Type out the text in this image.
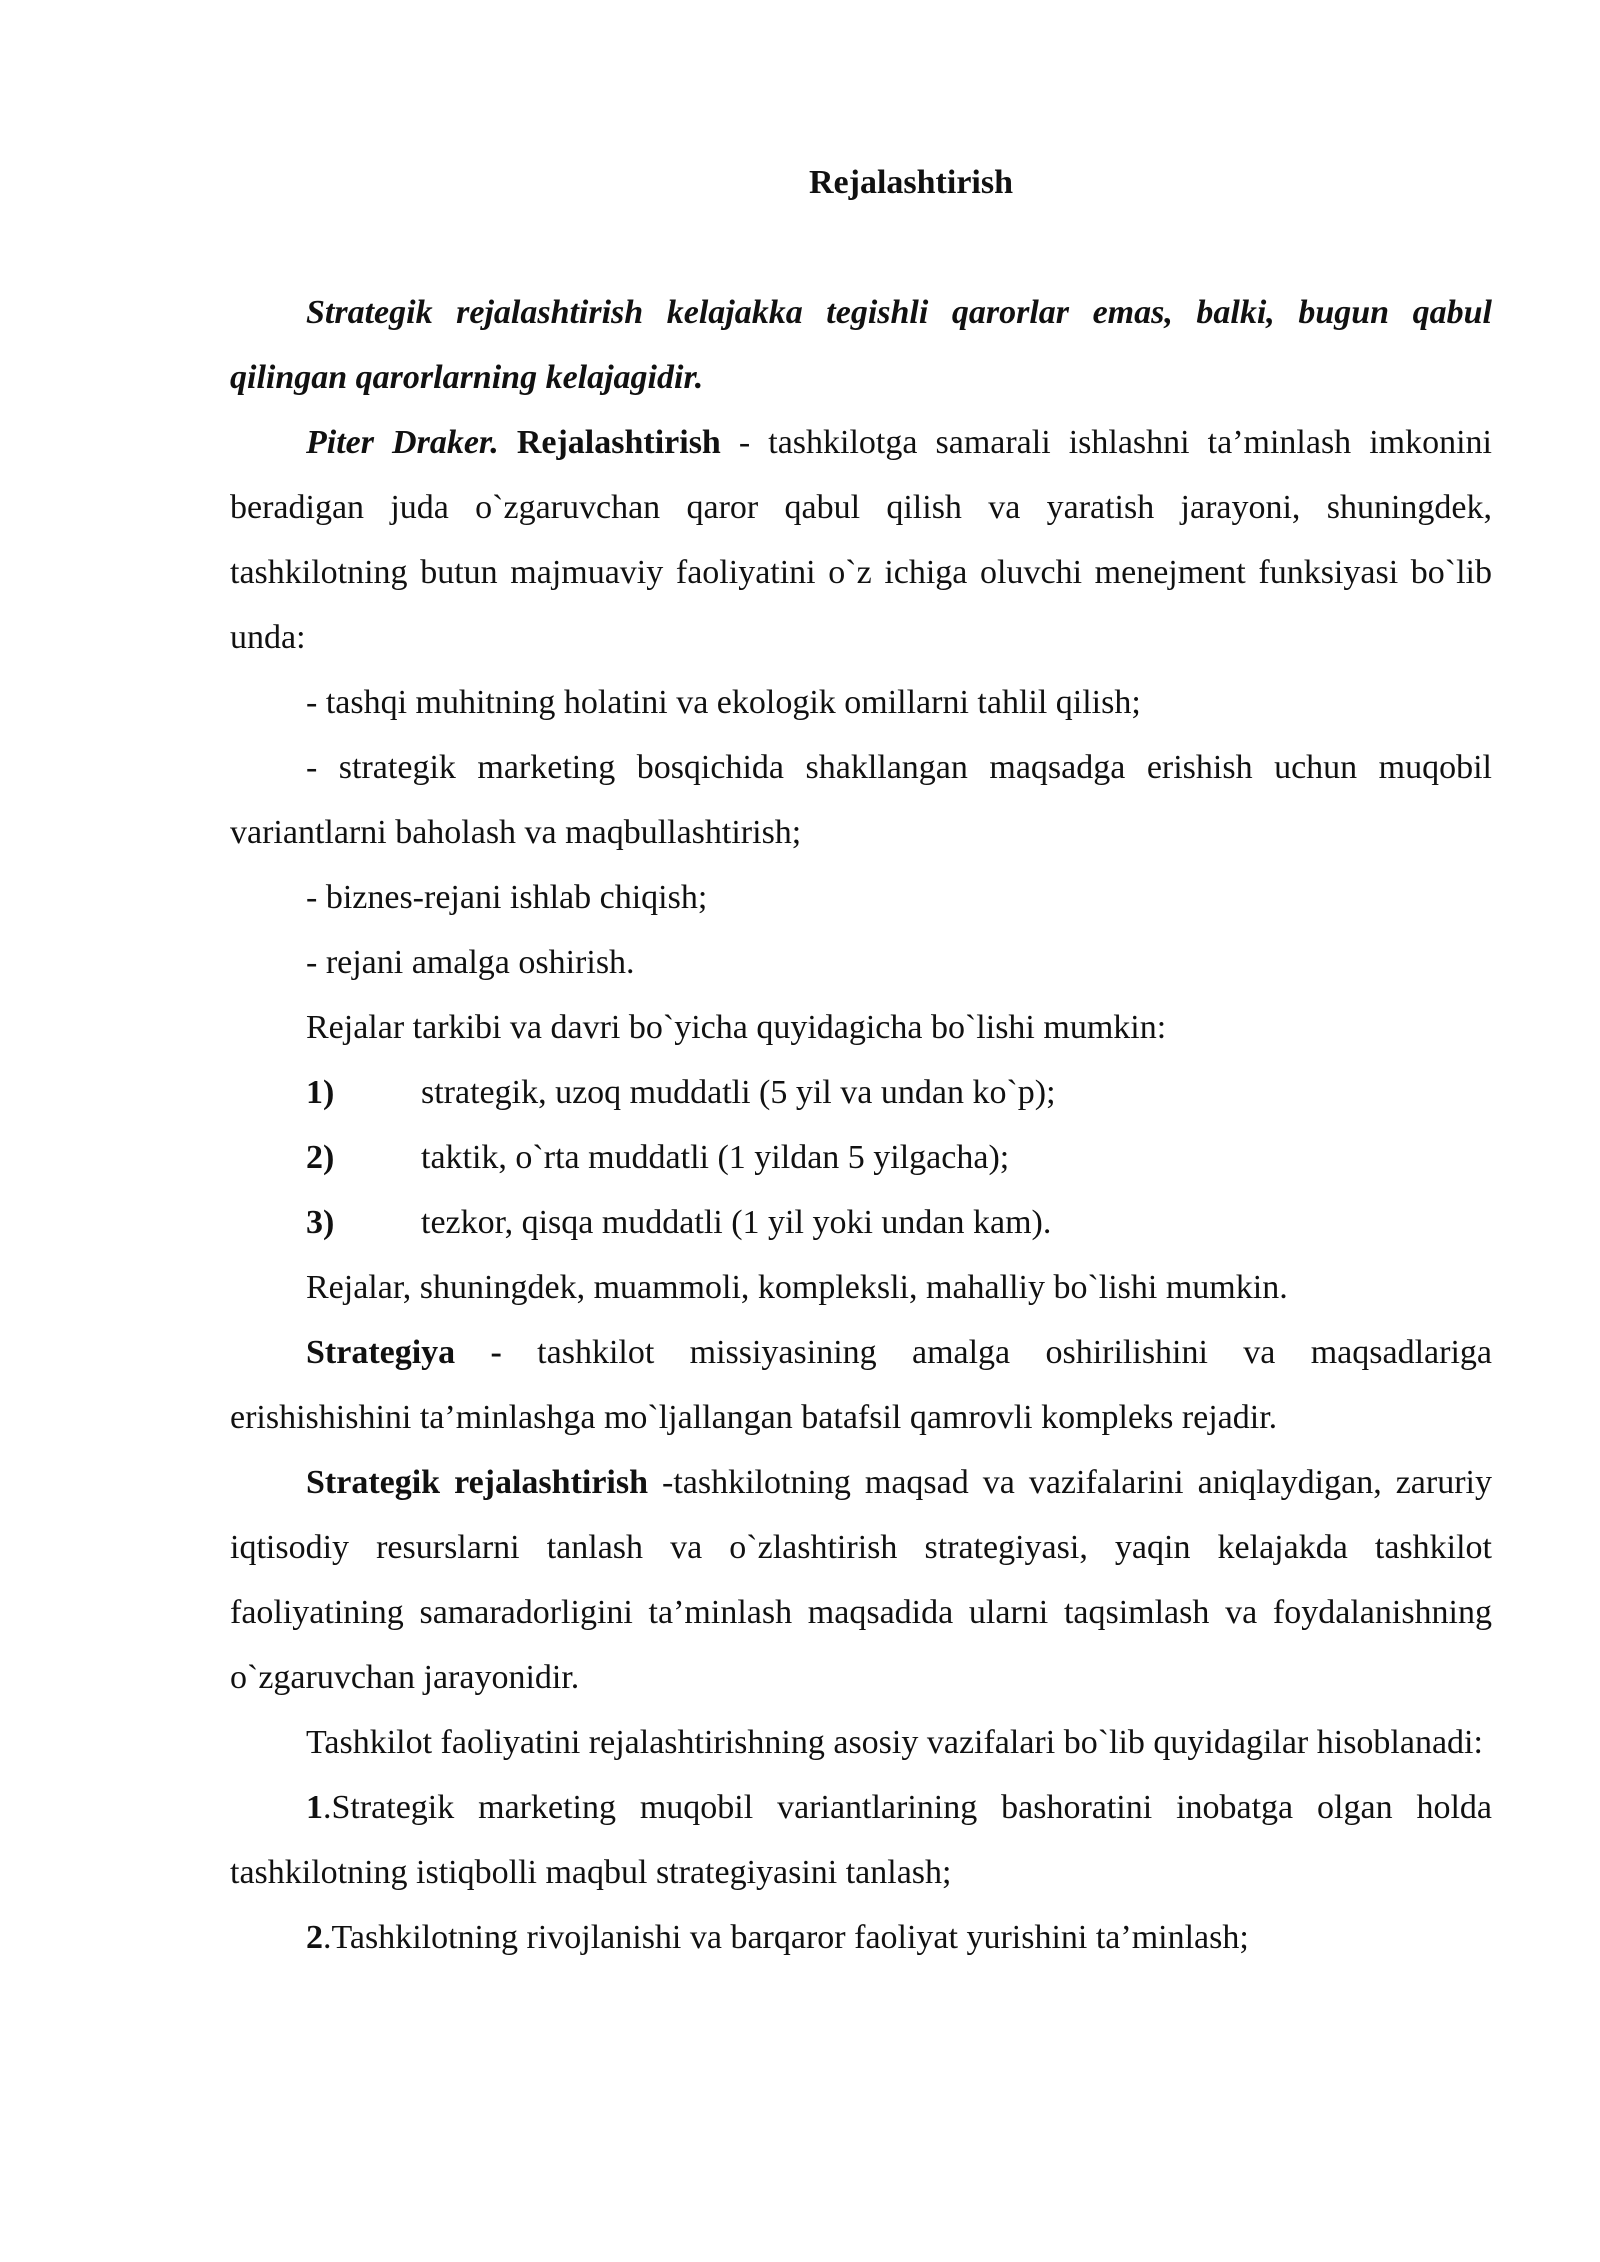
Rejalashtirish

Strategik rejalashtirish kelajakka tegishli qarorlar emas, balki, bugun qabul qilingan qarorlarning kelajagidir.

Piter Draker. Rejalashtirish - tashkilotga samarali ishlashni ta’minlash imkonini beradigan juda o`zgaruvchan qaror qabul qilish va yaratish jarayoni, shuningdek, tashkilotning butun majmuaviy faoliyatini o`z ichiga oluvchi menejment funksiyasi bo`lib unda:

- tashqi muhitning holatini va ekologik omillarni tahlil qilish;

- strategik marketing bosqichida shakllangan maqsadga erishish uchun muqobil variantlarni baholash va maqbullashtirish;

- biznes-rejani ishlab chiqish;

- rejani amalga oshirish.

Rejalar tarkibi va davri bo`yicha quyidagicha bo`lishi mumkin:

1)	strategik, uzoq muddatli (5 yil va undan ko`p);
2)	taktik, o`rta muddatli (1 yildan 5 yilgacha);
3)	tezkor, qisqa muddatli (1 yil yoki undan kam).

Rejalar, shuningdek, muammoli, kompleksli, mahalliy bo`lishi mumkin.

Strategiya - tashkilot missiyasining amalga oshirilishini va maqsadlariga erishishishini ta’minlashga mo`ljallangan batafsil qamrovli kompleks rejadir.

Strategik rejalashtirish -tashkilotning maqsad va vazifalarini aniqlaydigan, zaruriy iqtisodiy resurslarni tanlash va o`zlashtirish strategiyasi, yaqin kelajakda tashkilot faoliyatining samaradorligini ta’minlash maqsadida ularni taqsimlash va foydalanishning o`zgaruvchan jarayonidir.

Tashkilot faoliyatini rejalashtirishning asosiy vazifalari bo`lib quyidagilar hisoblanadi:

1.Strategik marketing muqobil variantlarining bashoratini inobatga olgan holda tashkilotning istiqbolli maqbul strategiyasini tanlash;

2.Tashkilotning rivojlanishi va barqaror faoliyat yurishini ta’minlash;
